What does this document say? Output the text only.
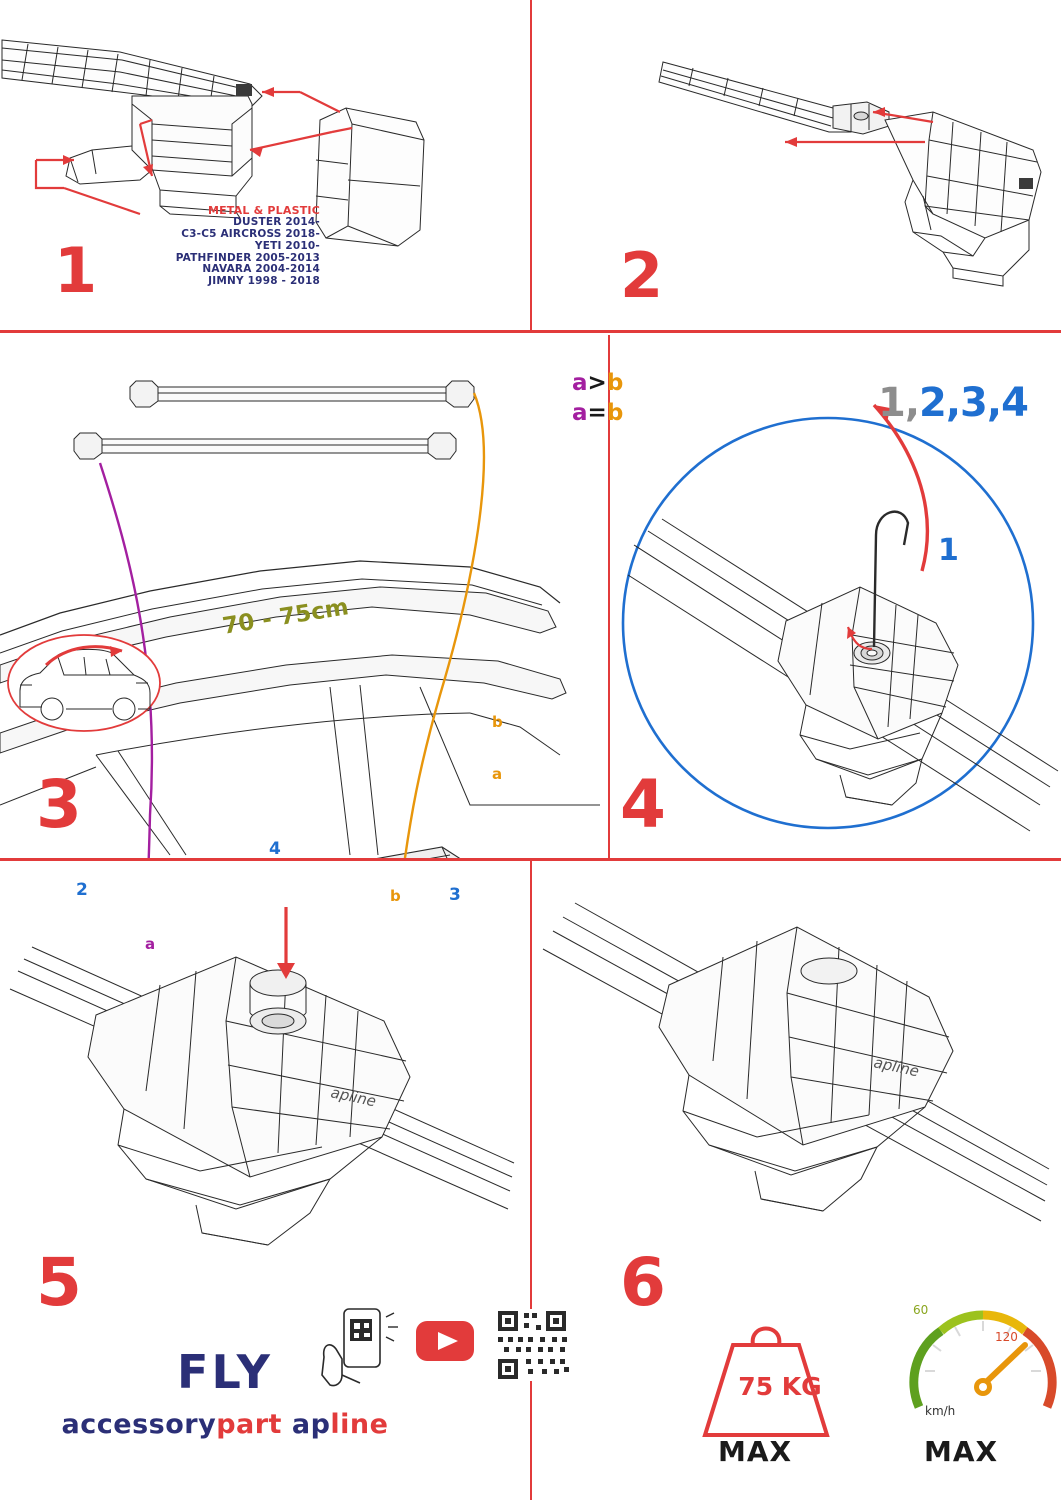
METAL & PLASTIC
DUSTER 2014-
C3-C5 AIRCROSS 2018-
YETI 2010-
PATHFINDER 2005-2013
NAVARA 2004-2014
JIMNY 1998 - 2018
1	2
b
a
a
b
2
4
3
70 - 75cm
a>b
a=b
3
1
1,2,3,4
4
apline
FLY
accessorypart apline
5
apline
75 KG
MAX	MAX
km/h
60
120
6
